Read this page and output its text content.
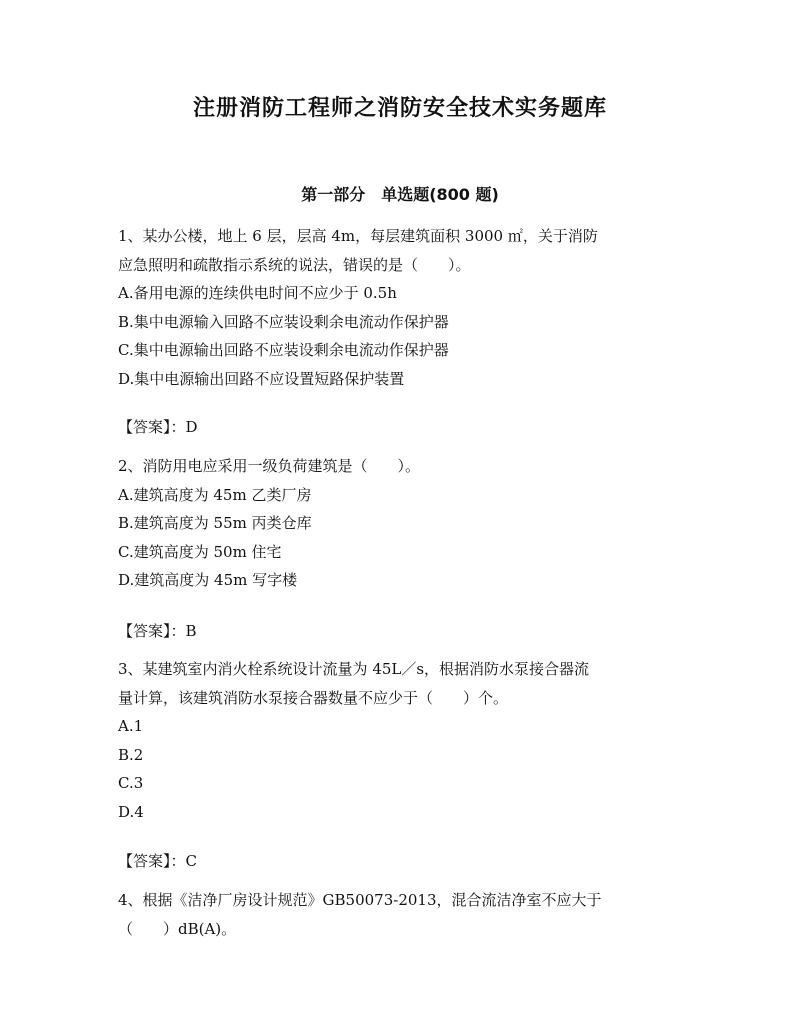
注册消防工程师之消防安全技术实务题库
第一部分　单选题(800 题)

1、某办公楼，地上 6 层，层高 4m，每层建筑面积 3000 ㎡，关于消防

应急照明和疏散指示系统的说法，错误的是（　　）。

A.备用电源的连续供电时间不应少于 0.5h

B.集中电源输入回路不应装设剩余电流动作保护器

C.集中电源输出回路不应装设剩余电流动作保护器

D.集中电源输出回路不应设置短路保护装置

【答案】：D

2、消防用电应采用一级负荷建筑是（　　）。

A.建筑高度为 45m 乙类厂房

B.建筑高度为 55m 丙类仓库

C.建筑高度为 50m 住宅

D.建筑高度为 45m 写字楼

【答案】：B

3、某建筑室内消火栓系统设计流量为 45L／s，根据消防水泵接合器流

量计算，该建筑消防水泵接合器数量不应少于（　　）个。

A.1

B.2

C.3

D.4

【答案】：C

4、根据《洁净厂房设计规范》GB50073-2013，混合流洁净室不应大于

（　　）dB(A)。
